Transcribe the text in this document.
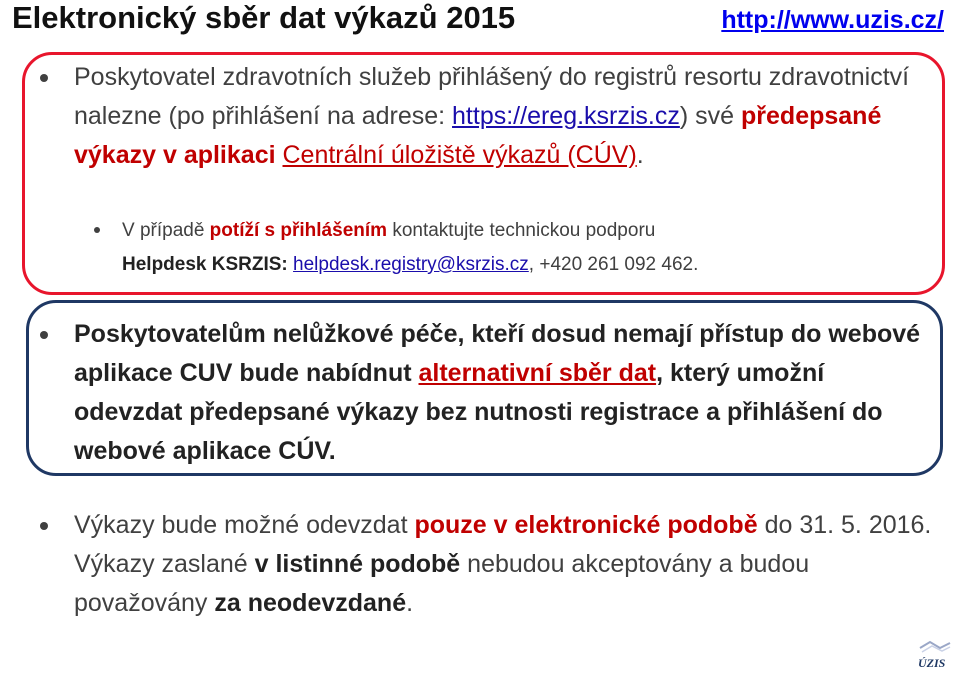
Elektronický sběr dat výkazů 2015	http://www.uzis.cz/
Poskytovatel zdravotních služeb přihlášený do registrů resortu zdravotnictví nalezne (po přihlášení na adrese: https://ereg.ksrzis.cz) své předepsané výkazy v aplikaci Centrální úložiště výkazů (CÚV).
V případě potíží s přihlášením kontaktujte technickou podporu
Helpdesk KSRZIS: helpdesk.registry@ksrzis.cz, +420 261 092 462.
Poskytovatelům nelůžkové péče, kteří dosud nemají přístup do webové aplikace CUV bude nabídnut alternativní sběr dat, který umožní odevzdat předepsané výkazy bez nutnosti registrace a přihlášení do webové aplikace CÚV.
Výkazy bude možné odevzdat pouze v elektronické podobě do 31. 5. 2016. Výkazy zaslané v listinné podobě nebudou akceptovány a budou považovány za neodevzdané.
ÚZIS
